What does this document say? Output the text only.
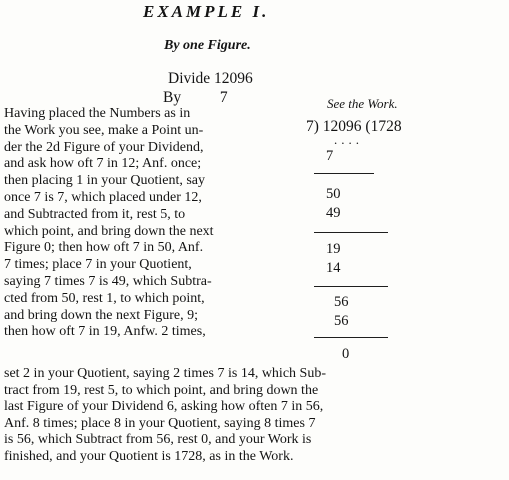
EXAMPLE I.
By one Figure.
Divide 12096
By          7	See the Work.
7) 12096 (1728
....
7
50
49
19
14
56
56
0
Having placed the Numbers as in
the Work you see, make a Point un-
der the 2d Figure of your Dividend,
and ask how oft 7 in 12; Anf. once;
then placing 1 in your Quotient, say
once 7 is 7, which placed under 12,
and Subtracted from it, rest 5, to
which point, and bring down the next
Figure 0; then how oft 7 in 50, Anf.
7 times; place 7 in your Quotient,
saying 7 times 7 is 49, which Subtra-
cted from 50, rest 1, to which point,
and bring down the next Figure, 9;
then how oft 7 in 19, Anfw. 2 times,
set 2 in your Quotient, saying 2 times 7 is 14, which Sub-
tract from 19, rest 5, to which point, and bring down the
last Figure of your Dividend 6, asking how often 7 in 56,
Anf. 8 times; place 8 in your Quotient, saying 8 times 7
is 56, which Subtract from 56, rest 0, and your Work is
finished, and your Quotient is 1728, as in the Work.
